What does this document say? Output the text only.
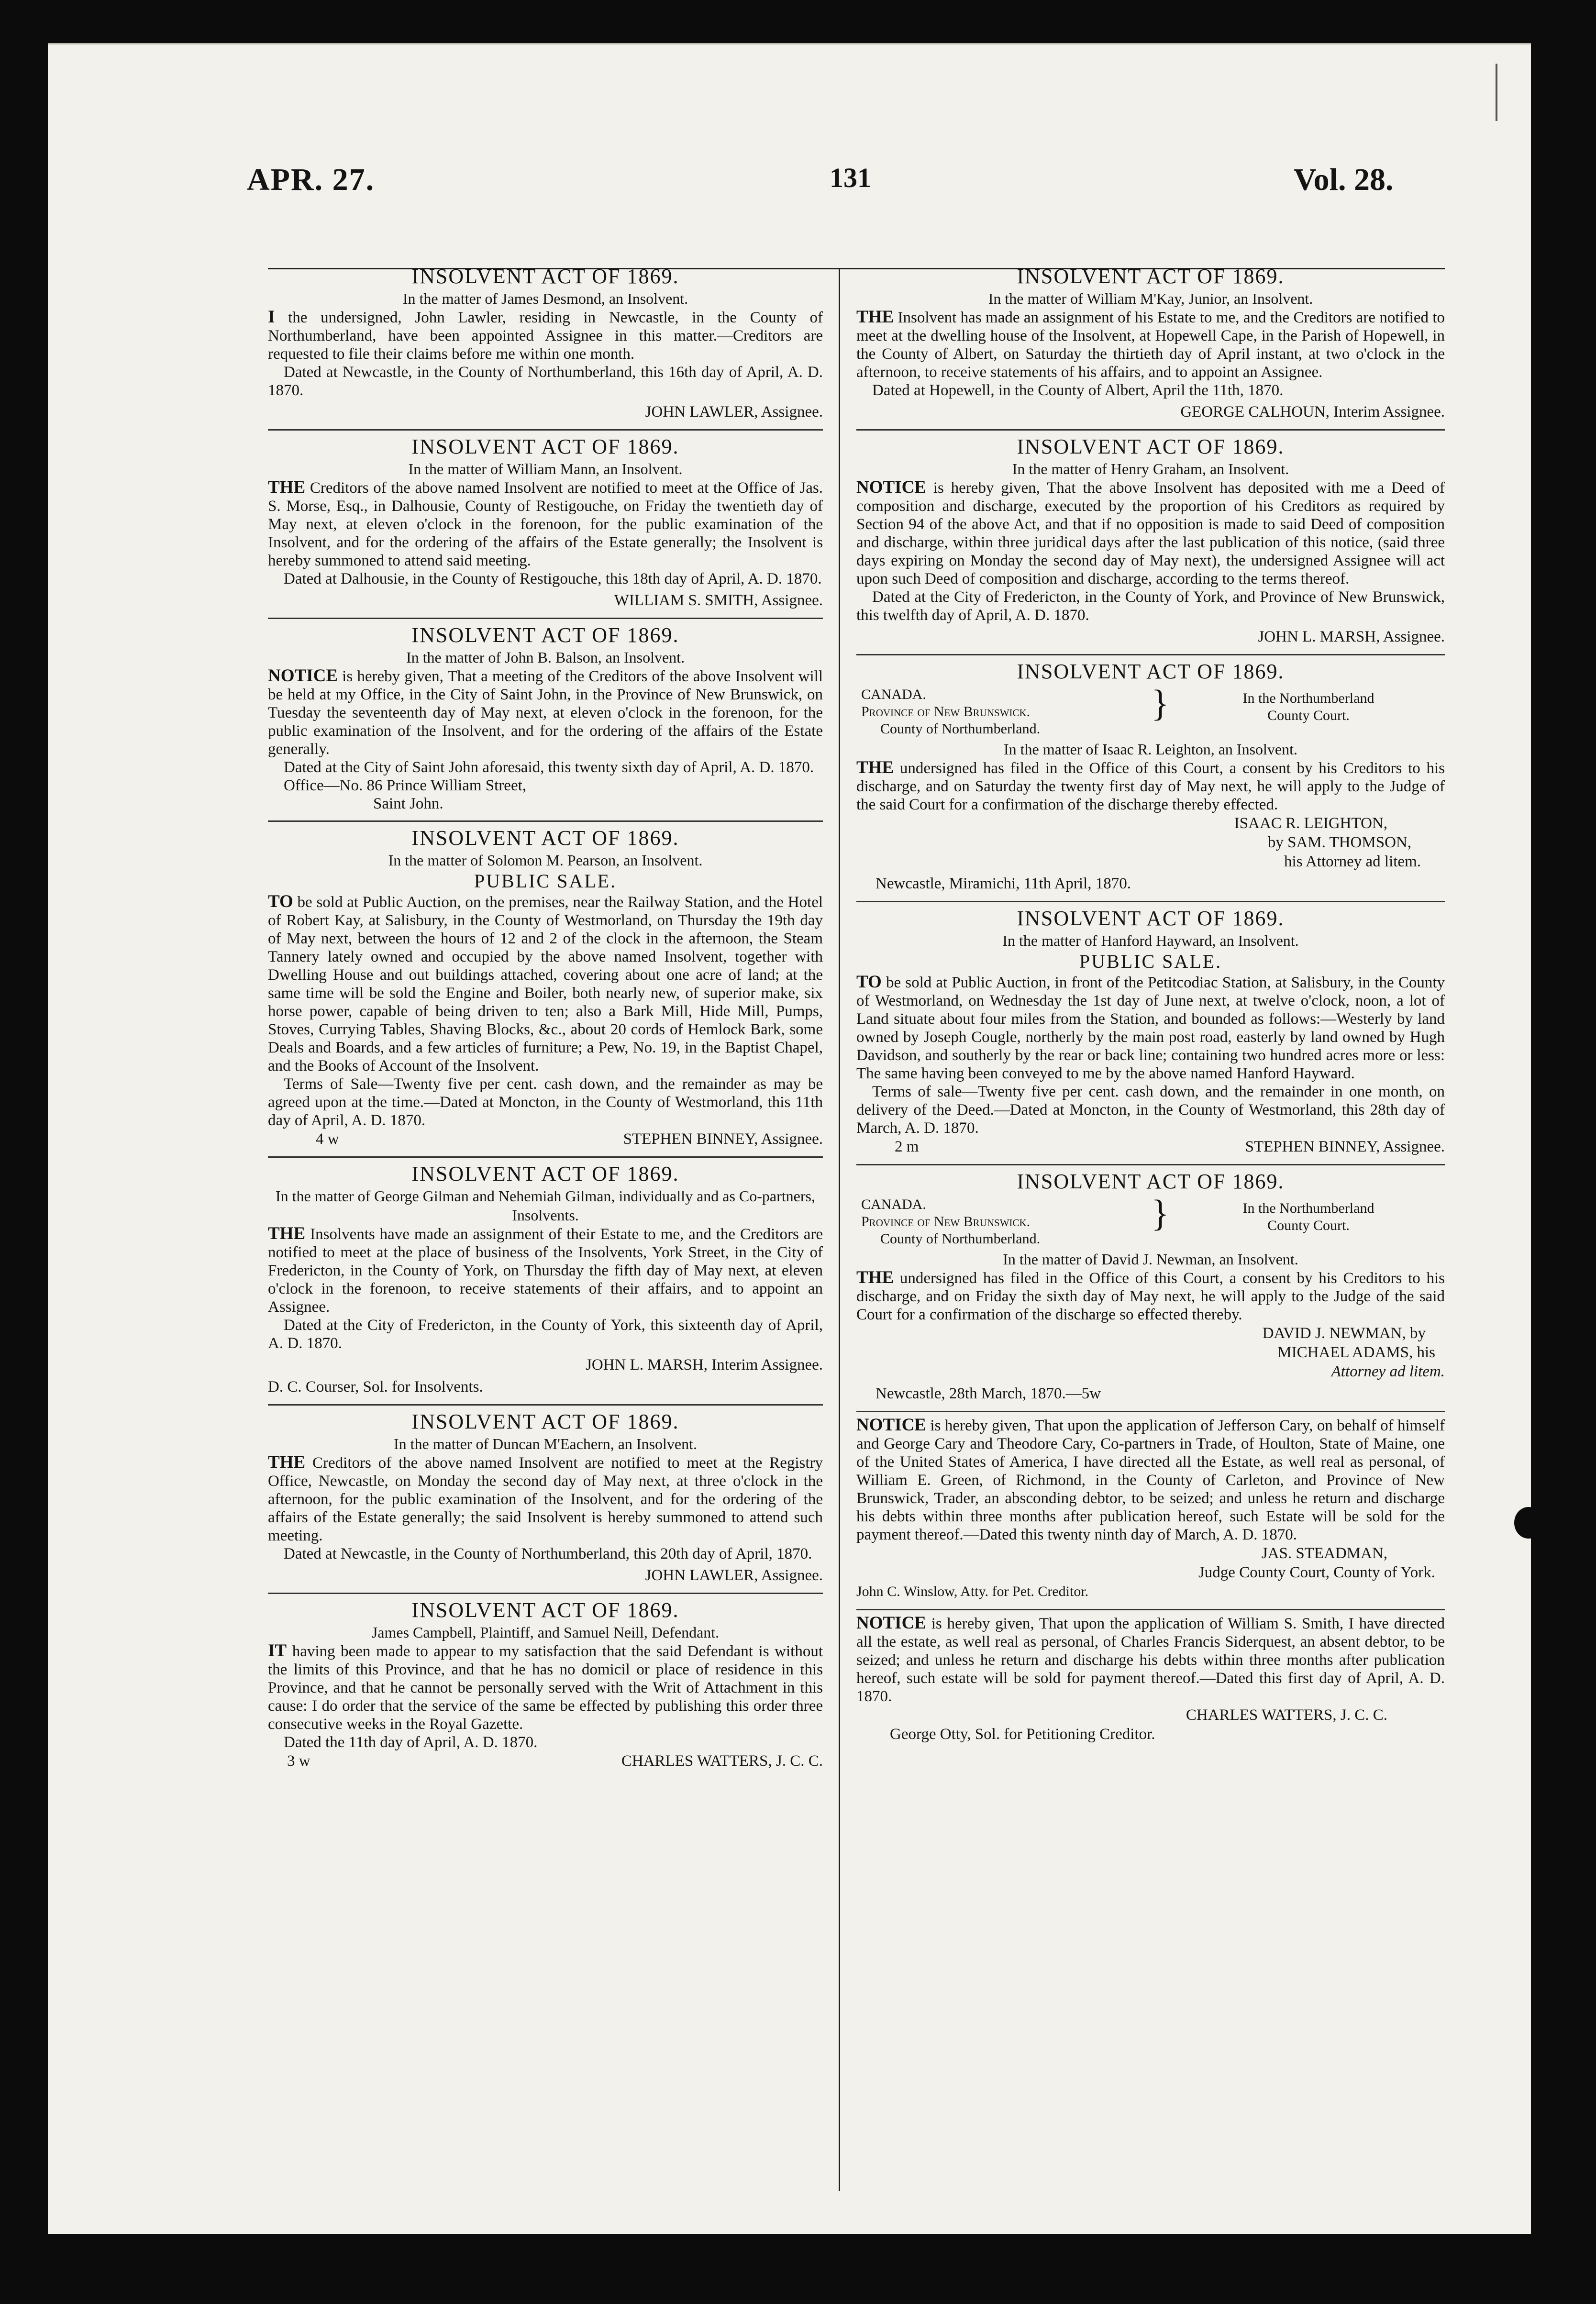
APR. 27.	131	Vol. 28.
INSOLVENT ACT OF 1869.
In the matter of James Desmond, an Insolvent.

I the undersigned, John Lawler, residing in Newcastle, in the County of Northumberland, have been appointed Assignee in this matter.—Creditors are requested to file their claims before me within one month.

Dated at Newcastle, in the County of Northumberland, this 16th day of April, A. D. 1870.

JOHN LAWLER, Assignee.
INSOLVENT ACT OF 1869.
In the matter of William Mann, an Insolvent.

THE Creditors of the above named Insolvent are notified to meet at the Office of Jas. S. Morse, Esq., in Dalhousie, County of Restigouche, on Friday the twentieth day of May next, at eleven o'clock in the forenoon, for the public examination of the Insolvent, and for the ordering of the affairs of the Estate generally; the Insolvent is hereby summoned to attend said meeting.

Dated at Dalhousie, in the County of Restigouche, this 18th day of April, A. D. 1870.

WILLIAM S. SMITH, Assignee.
INSOLVENT ACT OF 1869.
In the matter of John B. Balson, an Insolvent.

NOTICE is hereby given, That a meeting of the Creditors of the above Insolvent will be held at my Office, in the City of Saint John, in the Province of New Brunswick, on Tuesday the seventeenth day of May next, at eleven o'clock in the forenoon, for the public examination of the Insolvent, and for the ordering of the affairs of the Estate generally.

Dated at the City of Saint John aforesaid, this twenty sixth day of April, A. D. 1870.

Office—No. 86 Prince William Street,

Saint John.

INSOLVENT ACT OF 1869.
In the matter of Solomon M. Pearson, an Insolvent.
PUBLIC SALE.

TO be sold at Public Auction, on the premises, near the Railway Station, and the Hotel of Robert Kay, at Salisbury, in the County of Westmorland, on Thursday the 19th day of May next, between the hours of 12 and 2 of the clock in the afternoon, the Steam Tannery lately owned and occupied by the above named Insolvent, together with Dwelling House and out buildings attached, covering about one acre of land; at the same time will be sold the Engine and Boiler, both nearly new, of superior make, six horse power, capable of being driven to ten; also a Bark Mill, Hide Mill, Pumps, Stoves, Currying Tables, Shaving Blocks, &c., about 20 cords of Hemlock Bark, some Deals and Boards, and a few articles of furniture; a Pew, No. 19, in the Baptist Chapel, and the Books of Account of the Insolvent.

Terms of Sale—Twenty five per cent. cash down, and the remainder as may be agreed upon at the time.—Dated at Moncton, in the County of Westmorland, this 11th day of April, A. D. 1870.

4 w	STEPHEN BINNEY, Assignee.
INSOLVENT ACT OF 1869.
In the matter of George Gilman and Nehemiah Gilman, individually and as Co-partners, Insolvents.

THE Insolvents have made an assignment of their Estate to me, and the Creditors are notified to meet at the place of business of the Insolvents, York Street, in the City of Fredericton, in the County of York, on Thursday the fifth day of May next, at eleven o'clock in the forenoon, to receive statements of their affairs, and to appoint an Assignee.

Dated at the City of Fredericton, in the County of York, this sixteenth day of April, A. D. 1870.

JOHN L. MARSH, Interim Assignee.
D. C. Courser, Sol. for Insolvents.
INSOLVENT ACT OF 1869.
In the matter of Duncan M'Eachern, an Insolvent.

THE Creditors of the above named Insolvent are notified to meet at the Registry Office, Newcastle, on Monday the second day of May next, at three o'clock in the afternoon, for the public examination of the Insolvent, and for the ordering of the affairs of the Estate generally; the said Insolvent is hereby summoned to attend such meeting.

Dated at Newcastle, in the County of Northumberland, this 20th day of April, 1870.

JOHN LAWLER, Assignee.
INSOLVENT ACT OF 1869.
James Campbell, Plaintiff, and Samuel Neill, Defendant.

IT having been made to appear to my satisfaction that the said Defendant is without the limits of this Province, and that he has no domicil or place of residence in this Province, and that he cannot be personally served with the Writ of Attachment in this cause: I do order that the service of the same be effected by publishing this order three consecutive weeks in the Royal Gazette.

Dated the 11th day of April, A. D. 1870.

3 w	CHARLES WATTERS, J. C. C.
INSOLVENT ACT OF 1869.
In the matter of William M'Kay, Junior, an Insolvent.

THE Insolvent has made an assignment of his Estate to me, and the Creditors are notified to meet at the dwelling house of the Insolvent, at Hopewell Cape, in the Parish of Hopewell, in the County of Albert, on Saturday the thirtieth day of April instant, at two o'clock in the afternoon, to receive statements of his affairs, and to appoint an Assignee.

Dated at Hopewell, in the County of Albert, April the 11th, 1870.

GEORGE CALHOUN, Interim Assignee.
INSOLVENT ACT OF 1869.
In the matter of Henry Graham, an Insolvent.

NOTICE is hereby given, That the above Insolvent has deposited with me a Deed of composition and discharge, executed by the proportion of his Creditors as required by Section 94 of the above Act, and that if no opposition is made to said Deed of composition and discharge, within three juridical days after the last publication of this notice, (said three days expiring on Monday the second day of May next), the undersigned Assignee will act upon such Deed of composition and discharge, according to the terms thereof.

Dated at the City of Fredericton, in the County of York, and Province of New Brunswick, this twelfth day of April, A. D. 1870.

JOHN L. MARSH, Assignee.
INSOLVENT ACT OF 1869.
CANADA.
Province of New Brunswick.
County of Northumberland.
}	In the Northumberland
County Court.
In the matter of Isaac R. Leighton, an Insolvent.

THE undersigned has filed in the Office of this Court, a consent by his Creditors to his discharge, and on Saturday the twenty first day of May next, he will apply to the Judge of the said Court for a confirmation of the discharge thereby effected.

ISAAC R. LEIGHTON,
by SAM. THOMSON,
his Attorney ad litem.
Newcastle, Miramichi, 11th April, 1870.
INSOLVENT ACT OF 1869.
In the matter of Hanford Hayward, an Insolvent.
PUBLIC SALE.

TO be sold at Public Auction, in front of the Petitcodiac Station, at Salisbury, in the County of Westmorland, on Wednesday the 1st day of June next, at twelve o'clock, noon, a lot of Land situate about four miles from the Station, and bounded as follows:—Westerly by land owned by Joseph Cougle, northerly by the main post road, easterly by land owned by Hugh Davidson, and southerly by the rear or back line; containing two hundred acres more or less: The same having been conveyed to me by the above named Hanford Hayward.

Terms of sale—Twenty five per cent. cash down, and the remainder in one month, on delivery of the Deed.—Dated at Moncton, in the County of Westmorland, this 28th day of March, A. D. 1870.

2 m	STEPHEN BINNEY, Assignee.
INSOLVENT ACT OF 1869.
CANADA.
Province of New Brunswick.
County of Northumberland.
}	In the Northumberland
County Court.
In the matter of David J. Newman, an Insolvent.

THE undersigned has filed in the Office of this Court, a consent by his Creditors to his discharge, and on Friday the sixth day of May next, he will apply to the Judge of the said Court for a confirmation of the discharge so effected thereby.

DAVID J. NEWMAN, by
MICHAEL ADAMS, his
Attorney ad litem.
Newcastle, 28th March, 1870.—5w

NOTICE is hereby given, That upon the application of Jefferson Cary, on behalf of himself and George Cary and Theodore Cary, Co-partners in Trade, of Houlton, State of Maine, one of the United States of America, I have directed all the Estate, as well real as personal, of William E. Green, of Richmond, in the County of Carleton, and Province of New Brunswick, Trader, an absconding debtor, to be seized; and unless he return and discharge his debts within three months after publication hereof, such Estate will be sold for the payment thereof.—Dated this twenty ninth day of March, A. D. 1870.

JAS. STEADMAN,
Judge County Court, County of York.
John C. Winslow, Atty. for Pet. Creditor.

NOTICE is hereby given, That upon the application of William S. Smith, I have directed all the estate, as well real as personal, of Charles Francis Siderquest, an absent debtor, to be seized; and unless he return and discharge his debts within three months after publication hereof, such estate will be sold for payment thereof.—Dated this first day of April, A. D. 1870.

CHARLES WATTERS, J. C. C.
George Otty, Sol. for Petitioning Creditor.
